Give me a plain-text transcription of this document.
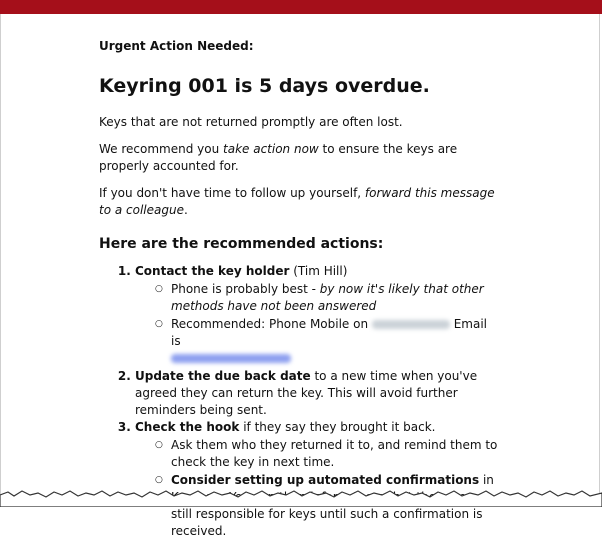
Urgent Action Needed:

Keyring 001 is 5 days overdue.

Keys that are not returned promptly are often lost.

We recommend you take action now to ensure the keys are properly accounted for.

If you don't have time to follow up yourself, forward this message to a colleague.

Here are the recommended actions:
1. Contact the key holder (Tim Hill)
○ Phone is probably best - by now it's likely that other methods have not been answered
○ Recommended: Phone Mobile on	Email is

2. Update the due back date to a new time when you've agreed they can return the key. This will avoid further reminders being sent.
3. Check the hook if they say they brought it back.
○ Ask them who they returned it to, and remind them to check the key in next time.
○ Consider setting up automated confirmations in still responsible for keys until such a confirmation is received.
